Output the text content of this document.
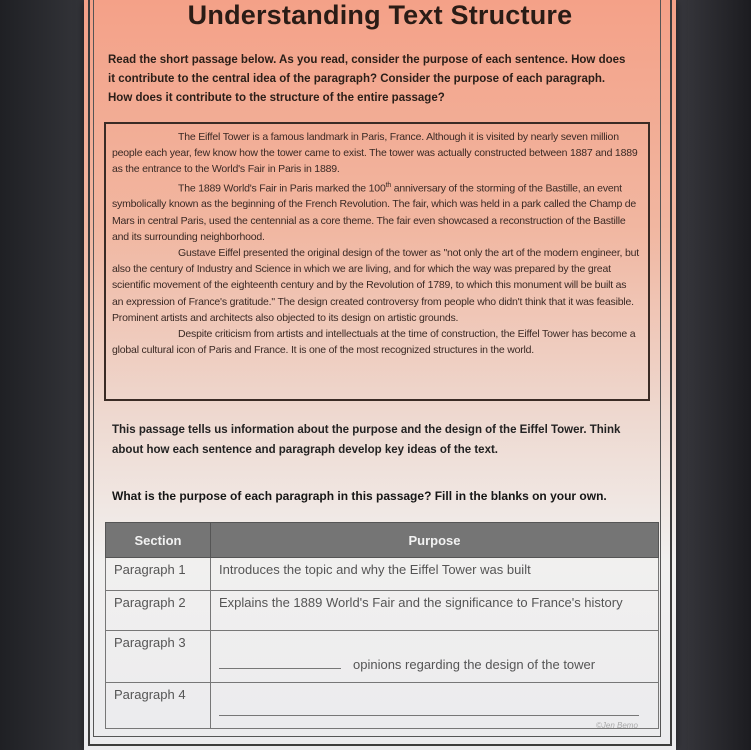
Understanding Text Structure
Read the short passage below. As you read, consider the purpose of each sentence. How does it contribute to the central idea of the paragraph? Consider the purpose of each paragraph. How does it contribute to the structure of the entire passage?

The Eiffel Tower is a famous landmark in Paris, France. Although it is visited by nearly seven million people each year, few know how the tower came to exist. The tower was actually constructed between 1887 and 1889 as the entrance to the World's Fair in Paris in 1889.

The 1889 World's Fair in Paris marked the 100th anniversary of the storming of the Bastille, an event symbolically known as the beginning of the French Revolution. The fair, which was held in a park called the Champ de Mars in central Paris, used the centennial as a core theme. The fair even showcased a reconstruction of the Bastille and its surrounding neighborhood.

Gustave Eiffel presented the original design of the tower as "not only the art of the modern engineer, but also the century of Industry and Science in which we are living, and for which the way was prepared by the great scientific movement of the eighteenth century and by the Revolution of 1789, to which this monument will be built as an expression of France's gratitude." The design created controversy from people who didn't think that it was feasible. Prominent artists and architects also objected to its design on artistic grounds.

Despite criticism from artists and intellectuals at the time of construction, the Eiffel Tower has become a global cultural icon of Paris and France. It is one of the most recognized structures in the world.

This passage tells us information about the purpose and the design of the Eiffel Tower. Think about how each sentence and paragraph develop key ideas of the text.
What is the purpose of each paragraph in this passage? Fill in the blanks on your own.
Section	Purpose
Paragraph 1	Introduces the topic and why the Eiffel Tower was built
Paragraph 2	Explains the 1889 World's Fair and the significance to France's history
Paragraph 3	opinions regarding the design of the tower
Paragraph 4	
©Jen Bemo
